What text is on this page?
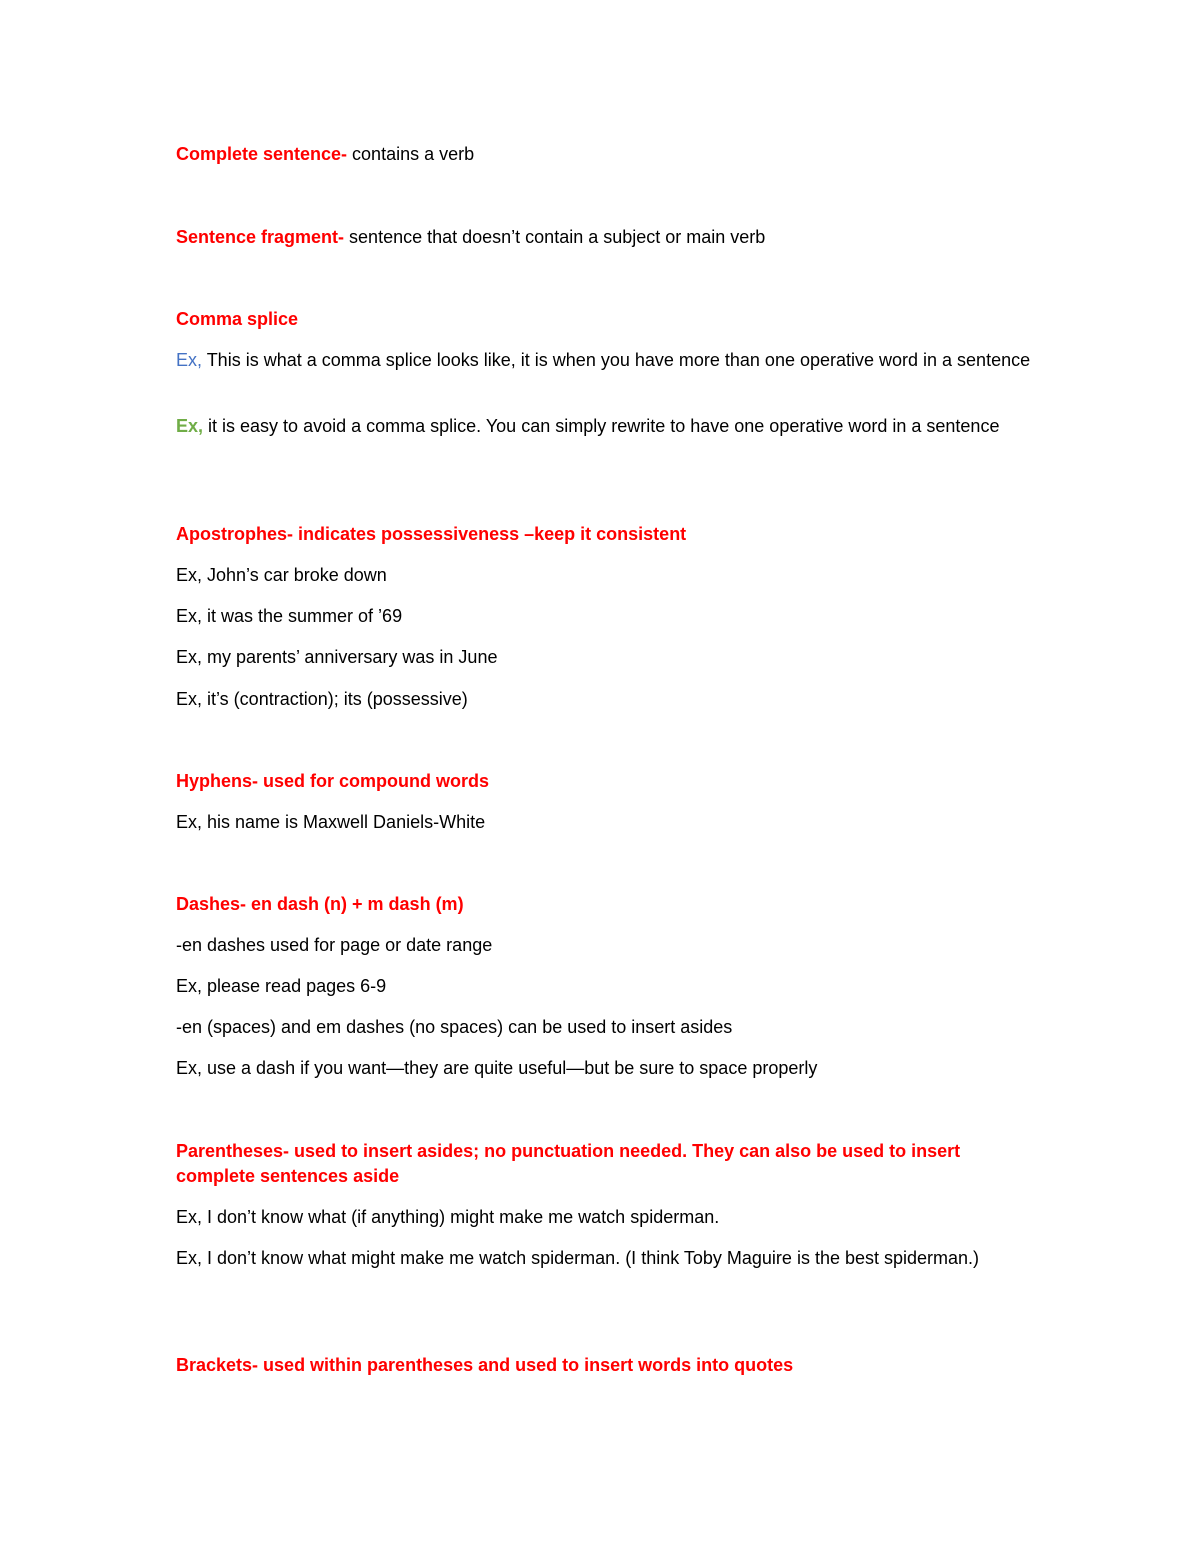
Complete sentence- contains a verb
Sentence fragment- sentence that doesn’t contain a subject or main verb
Comma splice
Ex, This is what a comma splice looks like, it is when you have more than one operative word in a sentence
Ex, it is easy to avoid a comma splice. You can simply rewrite to have one operative word in a sentence
Apostrophes- indicates possessiveness –keep it consistent
Ex, John’s car broke down
Ex, it was the summer of ’69
Ex, my parents’ anniversary was in June
Ex, it’s (contraction); its (possessive)
Hyphens- used for compound words
Ex, his name is Maxwell Daniels-White
Dashes- en dash (n) + m dash (m)
-en dashes used for page or date range
Ex, please read pages 6-9
-en (spaces) and em dashes (no spaces) can be used to insert asides
Ex, use a dash if you want—they are quite useful—but be sure to space properly
Parentheses- used to insert asides; no punctuation needed. They can also be used to insert complete sentences aside
Ex, I don’t know what (if anything) might make me watch spiderman.
Ex, I don’t know what might make me watch spiderman. (I think Toby Maguire is the best spiderman.)
Brackets- used within parentheses and used to insert words into quotes
